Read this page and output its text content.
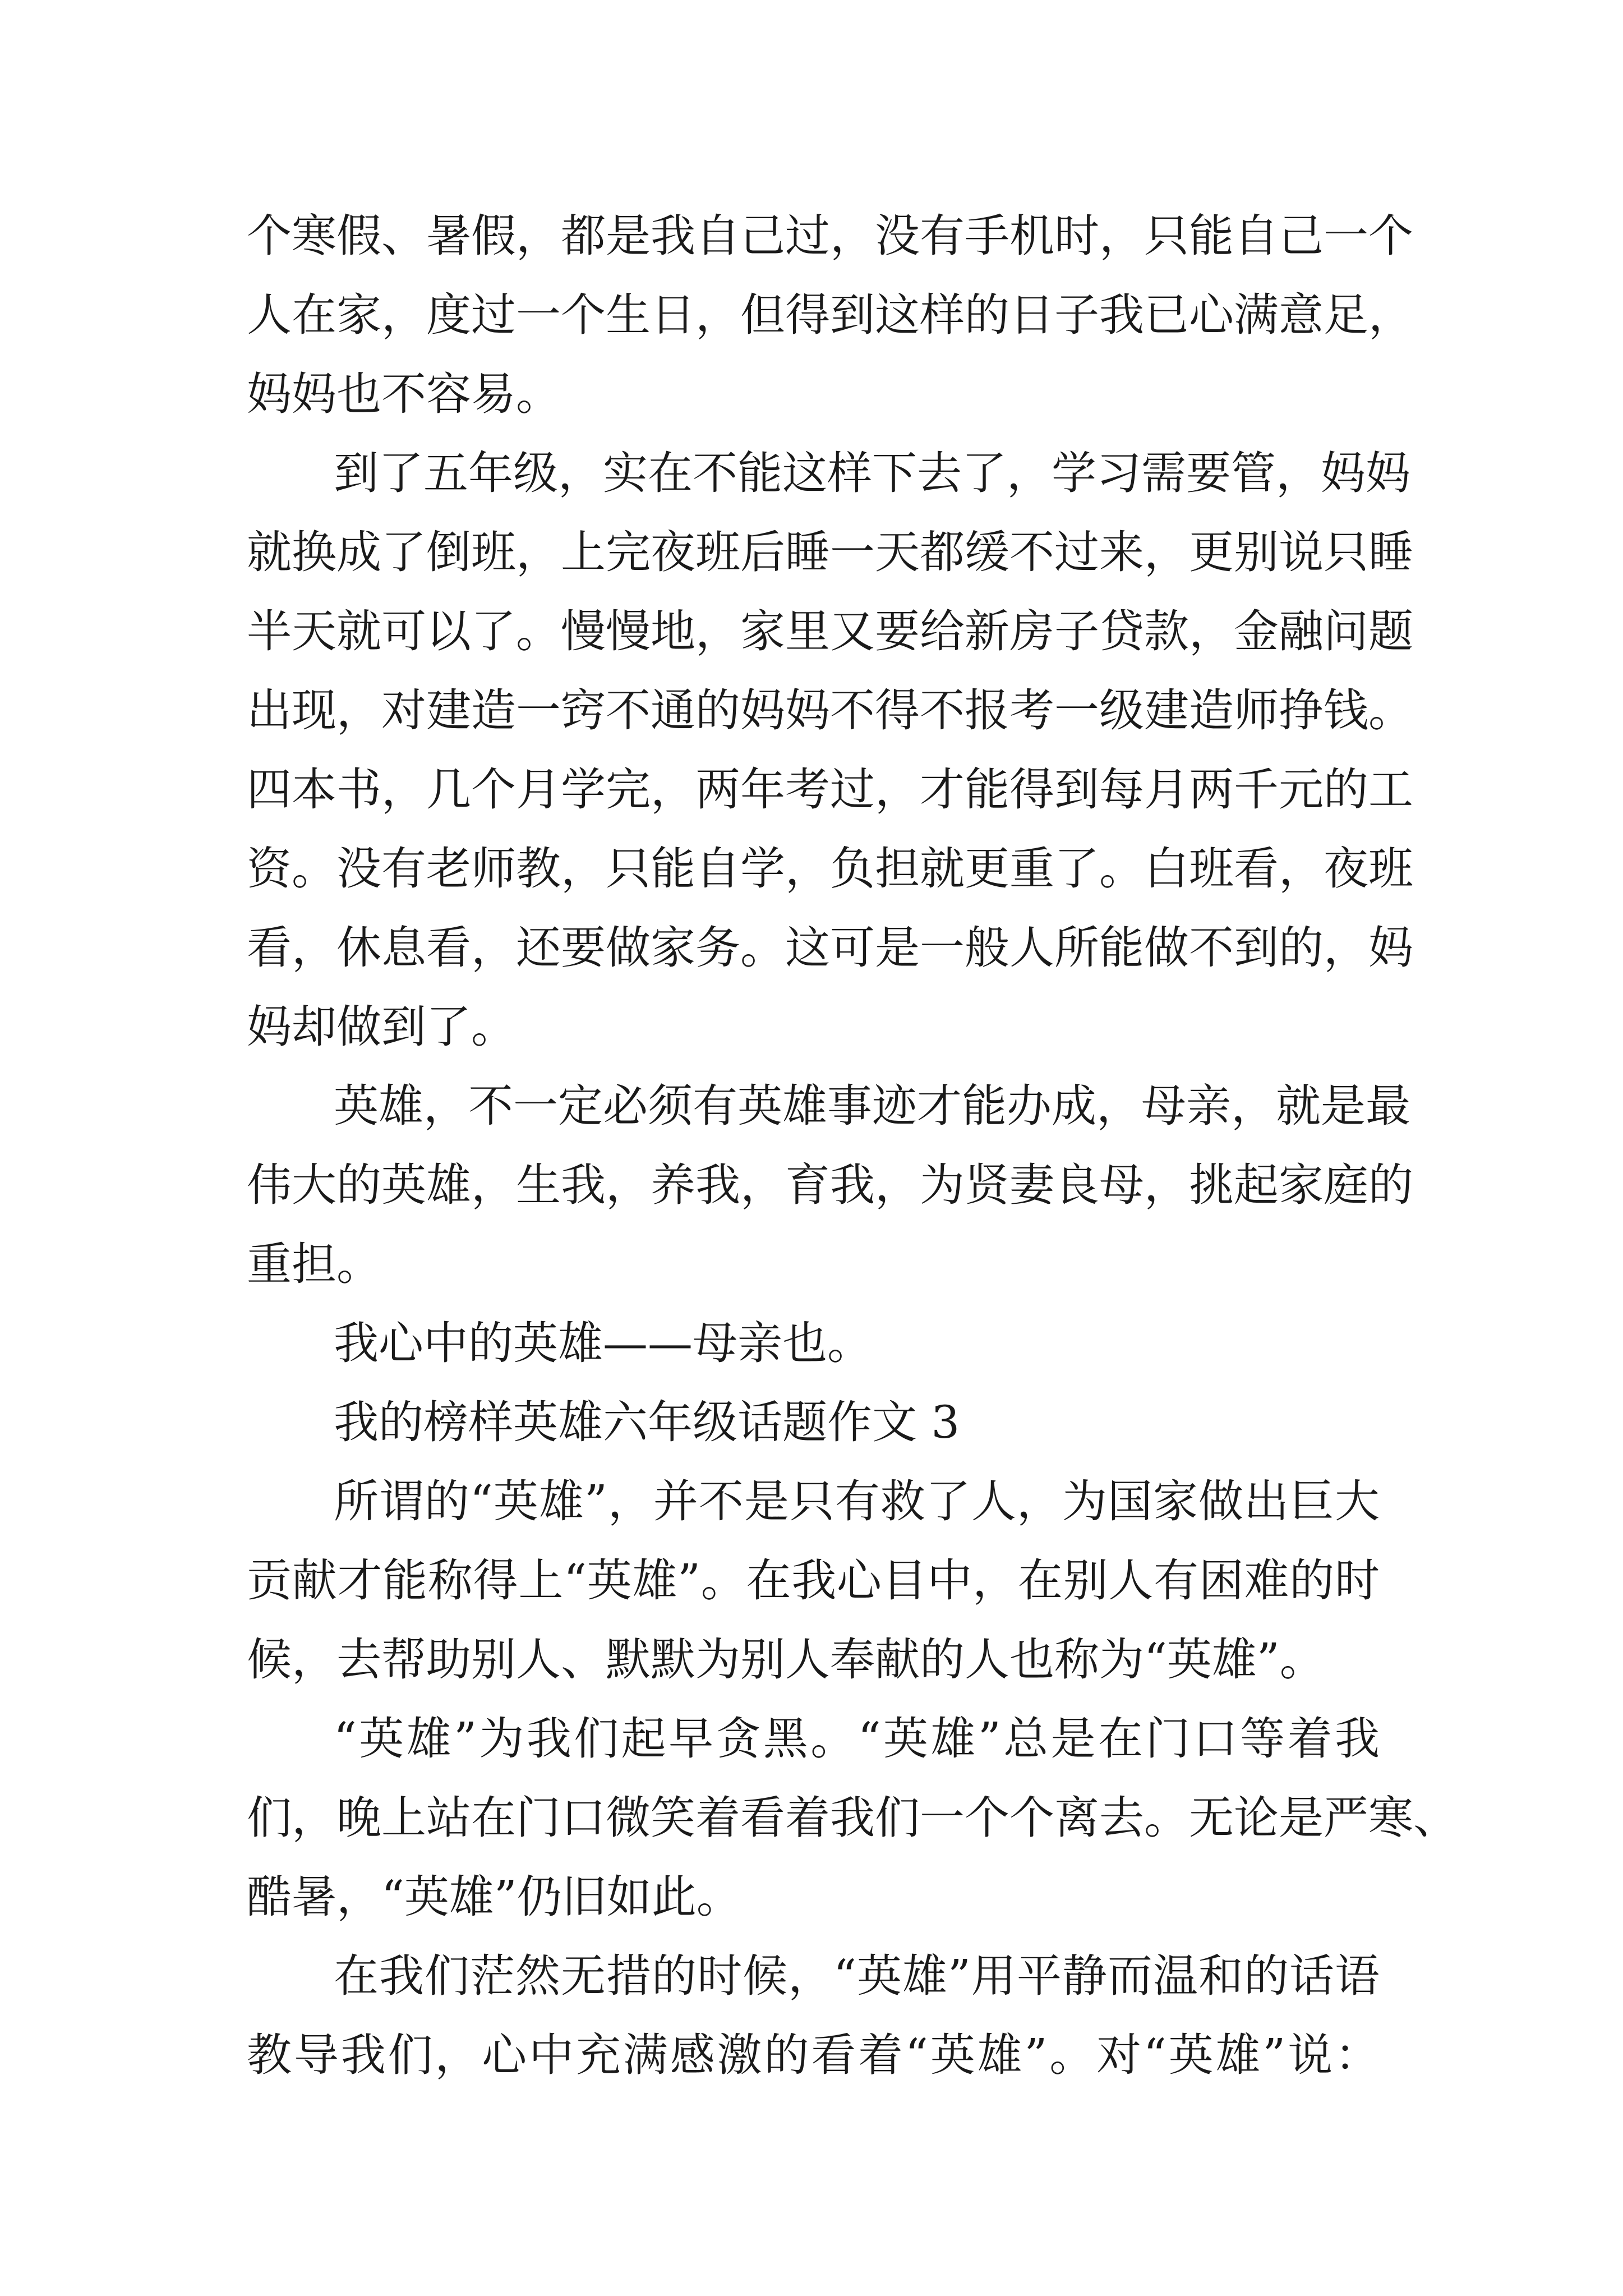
个寒假、暑假，都是我自己过，没有手机时，只能自己一个
人在家，度过一个生日，但得到这样的日子我已心满意足，
妈妈也不容易。
到了五年级，实在不能这样下去了，学习需要管，妈妈
就换成了倒班，上完夜班后睡一天都缓不过来，更别说只睡
半天就可以了。慢慢地，家里又要给新房子贷款，金融问题
出现，对建造一窍不通的妈妈不得不报考一级建造师挣钱。
四本书，几个月学完，两年考过，才能得到每月两千元的工
资。没有老师教，只能自学，负担就更重了。白班看，夜班
看，休息看，还要做家务。这可是一般人所能做不到的，妈
妈却做到了。
英雄，不一定必须有英雄事迹才能办成，母亲，就是最
伟大的英雄，生我，养我，育我，为贤妻良母，挑起家庭的
重担。
我心中的英雄——母亲也。
我的榜样英雄六年级话题作文 3
所谓的“英雄”，并不是只有救了人，为国家做出巨大
贡献才能称得上“英雄”。在我心目中，在别人有困难的时
候，去帮助别人、默默为别人奉献的人也称为“英雄”。
“英雄”为我们起早贪黑。“英雄”总是在门口等着我
们，晚上站在门口微笑着看着我们一个个离去。无论是严寒、
酷暑，“英雄”仍旧如此。
在我们茫然无措的时候，“英雄”用平静而温和的话语
教导我们，心中充满感激的看着“英雄”。对“英雄”说：
